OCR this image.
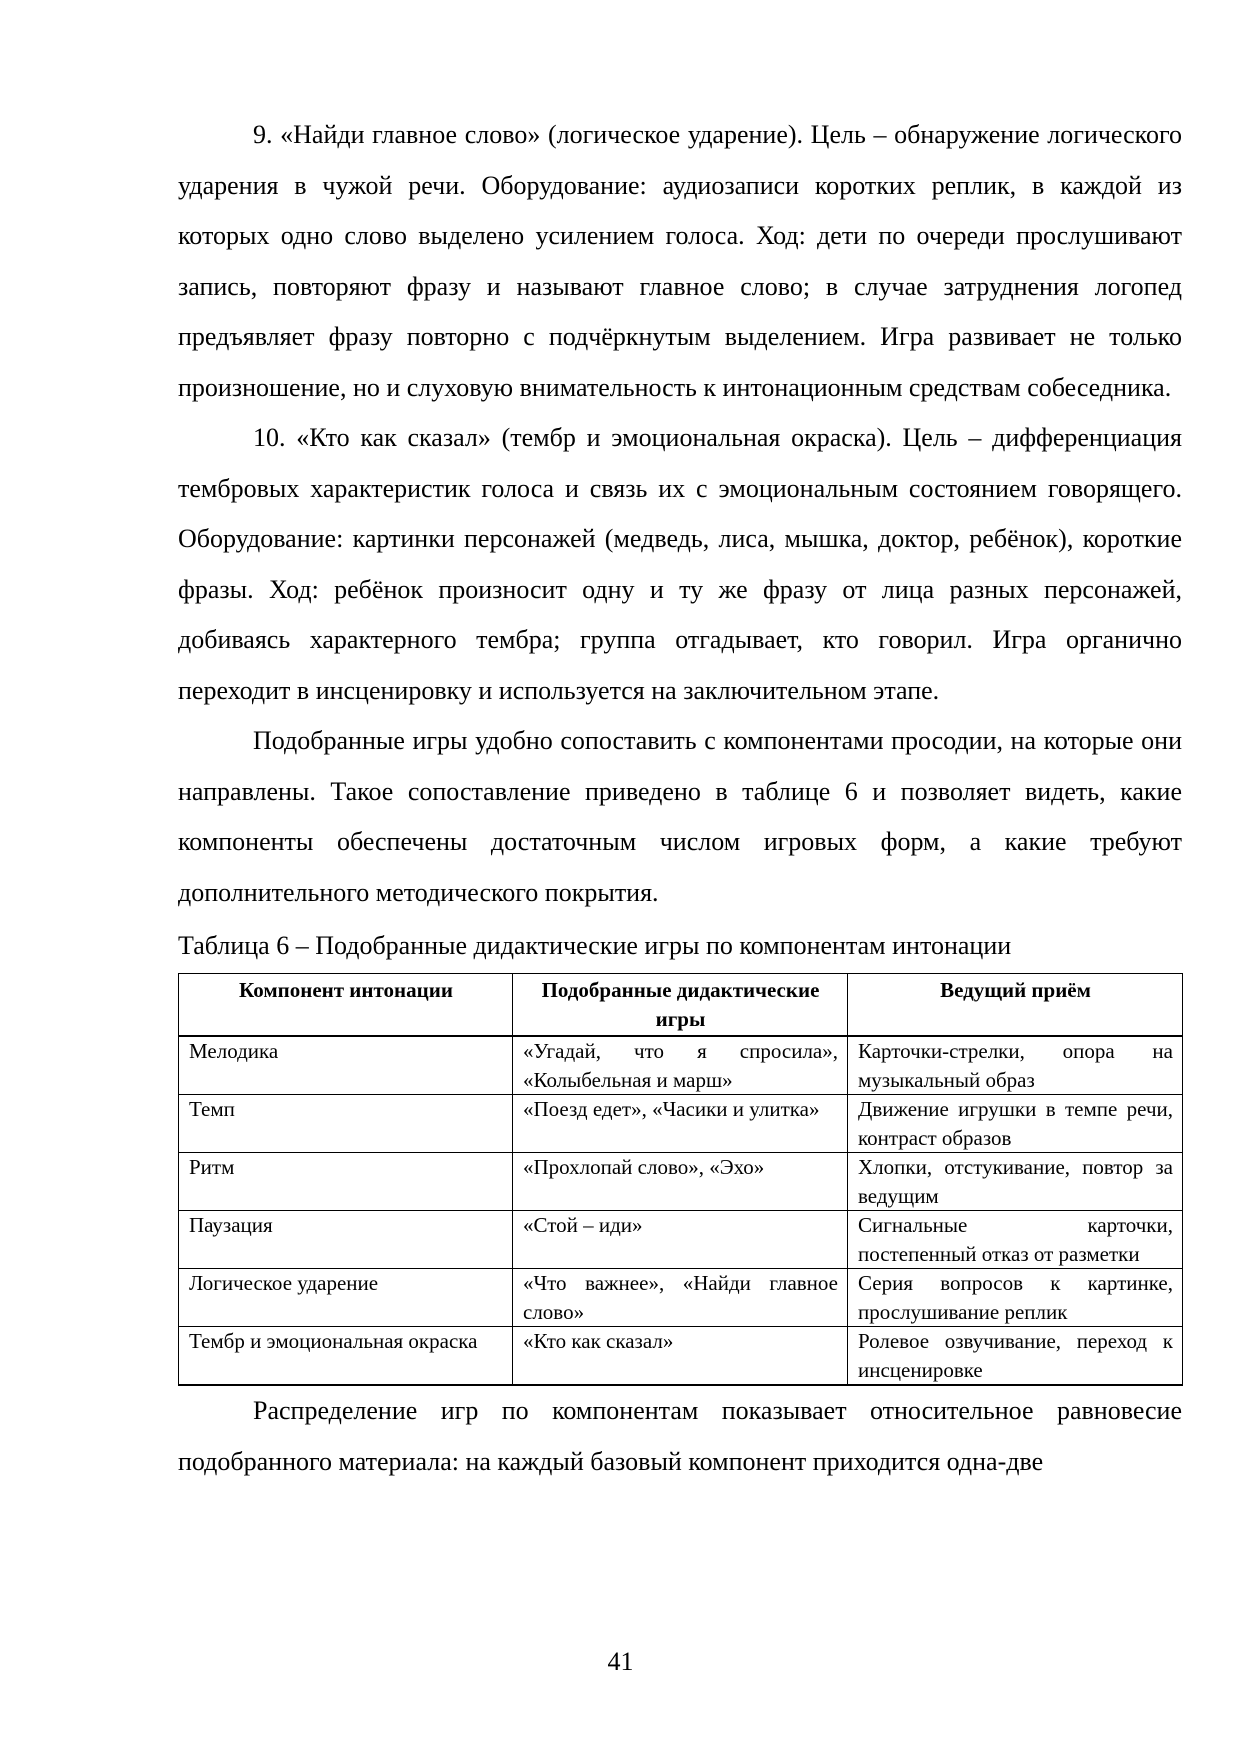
9. «Найди главное слово» (логическое ударение). Цель – обнаружение логического ударения в чужой речи. Оборудование: аудиозаписи коротких реплик, в каждой из которых одно слово выделено усилением голоса. Ход: дети по очереди прослушивают запись, повторяют фразу и называют главное слово; в случае затруднения логопед предъявляет фразу повторно с подчёркнутым выделением. Игра развивает не только произношение, но и слуховую внимательность к интонационным средствам собеседника.

10. «Кто как сказал» (тембр и эмоциональная окраска). Цель – дифференциация тембровых характеристик голоса и связь их с эмоциональным состоянием говорящего. Оборудование: картинки персонажей (медведь, лиса, мышка, доктор, ребёнок), короткие фразы. Ход: ребёнок произносит одну и ту же фразу от лица разных персонажей, добиваясь характерного тембра; группа отгадывает, кто говорил. Игра органично переходит в инсценировку и используется на заключительном этапе.

Подобранные игры удобно сопоставить с компонентами просодии, на которые они направлены. Такое сопоставление приведено в таблице 6 и позволяет видеть, какие компоненты обеспечены достаточным числом игровых форм, а какие требуют дополнительного методического покрытия.

Таблица 6 – Подобранные дидактические игры по компонентам интонации
Компонент интонации	Подобранные дидактические игры	Ведущий приём
Мелодика	«Угадай, что я спросила», «Колыбельная и марш»	Карточки-стрелки, опора на музыкальный образ
Темп	«Поезд едет», «Часики и улитка»	Движение игрушки в темпе речи, контраст образов
Ритм	«Прохлопай слово», «Эхо»	Хлопки, отстукивание, повтор за ведущим
Паузация	«Стой – иди»	Сигнальные карточки, постепенный отказ от разметки
Логическое ударение	«Что важнее», «Найди главное слово»	Серия вопросов к картинке, прослушивание реплик
Тембр и эмоциональная окраска	«Кто как сказал»	Ролевое озвучивание, переход к инсценировке

Распределение игр по компонентам показывает относительное равновесие подобранного материала: на каждый базовый компонент приходится одна-две

41
